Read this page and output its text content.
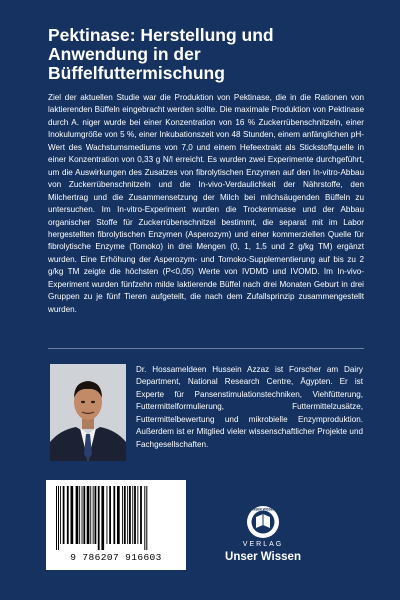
Pektinase: Herstellung und Anwendung in der Büffelfuttermischung

Ziel der aktuellen Studie war die Produktion von Pektinase, die in die Rationen von laktierenden Büffeln eingebracht werden sollte. Die maximale Produktion von Pektinase durch A. niger wurde bei einer Konzentration von 16 % Zuckerrübenschnitzeln, einer Inokulumgröße von 5 %, einer Inkubationszeit von 48 Stunden, einem anfänglichen pH-Wert des Wachstumsmediums von 7,0 und einem Hefeextrakt als Stickstoffquelle in einer Konzentration von 0,33 g N/l erreicht. Es wurden zwei Experimente durchgeführt, um die Auswirkungen des Zusatzes von fibrolytischen Enzymen auf den In-vitro-Abbau von Zuckerrübenschnitzeln und die In-vivo-Verdaulichkeit der Nährstoffe, den Milchertrag und die Zusammensetzung der Milch bei milchsäugenden Büffeln zu untersuchen. Im In-vitro-Experiment wurden die Trockenmasse und der Abbau organischer Stoffe für Zuckerrübenschnitzel bestimmt, die separat mit im Labor hergestellten fibrolytischen Enzymen (Asperozym) und einer kommerziellen Quelle für fibrolytische Enzyme (Tomoko) in drei Mengen (0, 1, 1,5 und 2 g/kg TM) ergänzt wurden. Eine Erhöhung der Asperozym- und Tomoko-Supplementierung auf bis zu 2 g/kg TM zeigte die höchsten (P<0,05) Werte von IVDMD und IVOMD. Im In-vivo-Experiment wurden fünfzehn milde laktierende Büffel nach drei Monaten Geburt in drei Gruppen zu je fünf Tieren aufgeteilt, die nach dem Zufallsprinzip zusammengestellt wurden.

Dr. Hossameldeen Hussein Azzaz ist Forscher am Dairy Department, National Research Centre, Ägypten. Er ist Experte für Pansenstimulationstechniken, Viehfütterung, Futtermittelformulierung, Futtermittelzusätze, Futtermittelbewertung und mikrobielle Enzymproduktion. Außerdem ist er Mitglied vieler wissenschaftlicher Projekte und Fachgesellschaften.

9 786207 916603
UNSER WISSEN
VERLAG
Unser Wissen
